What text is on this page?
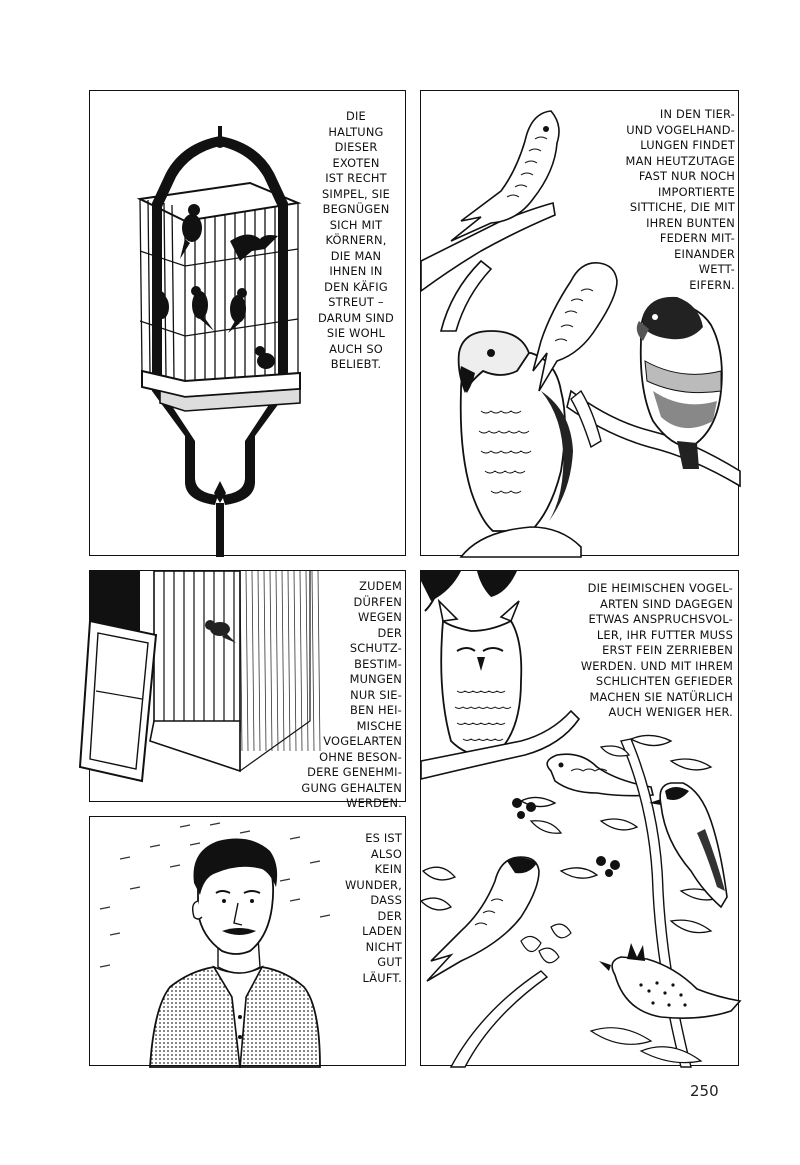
DIE
HALTUNG
DIESER
EXOTEN
IST RECHT
SIMPEL, SIE
BEGNÜGEN
SICH MIT
KÖRNERN,
DIE MAN
IHNEN IN
DEN KÄFIG
STREUT –
DARUM SIND
SIE WOHL
AUCH SO
BELIEBT.
IN DEN TIER-
UND VOGELHAND-
LUNGEN FINDET
MAN HEUTZUTAGE
FAST NUR NOCH
IMPORTIERTE
SITTICHE, DIE MIT
IHREN BUNTEN
FEDERN MIT-
EINANDER
WETT-
EIFERN.
ZUDEM
DÜRFEN
WEGEN
DER
SCHUTZ-
BESTIM-
MUNGEN
NUR SIE-
BEN HEI-
MISCHE
VOGELARTEN
OHNE BESON-
DERE GENEHMI-
GUNG GEHALTEN
WERDEN.
DIE HEIMISCHEN VOGEL-
ARTEN SIND DAGEGEN
ETWAS ANSPRUCHSVOL-
LER, IHR FUTTER MUSS
ERST FEIN ZERRIEBEN
WERDEN. UND MIT IHREM
SCHLICHTEN GEFIEDER
MACHEN SIE NATÜRLICH
AUCH WENIGER HER.
ES IST
ALSO
KEIN
WUNDER,
DASS
DER
LADEN
NICHT
GUT
LÄUFT.
250
